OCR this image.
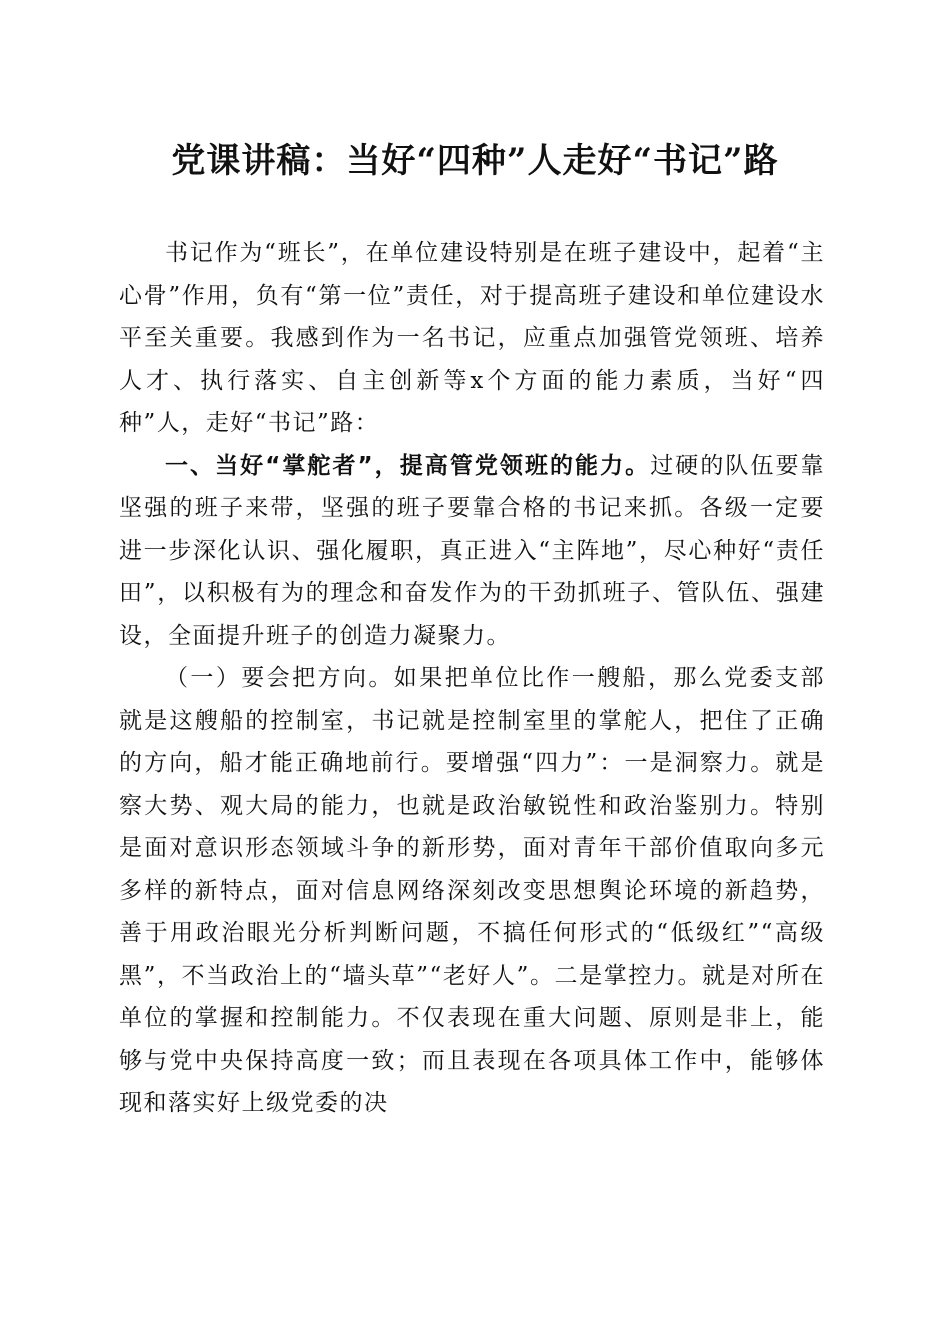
党课讲稿：当好“四种”人走好“书记”路

书记作为“班长”，在单位建设特别是在班子建设中，起着“主心骨”作用，负有“第一位”责任，对于提高班子建设和单位建设水平至关重要。我感到作为一名书记，应重点加强管党领班、培养人才、执行落实、自主创新等x个方面的能力素质，当好“四种”人，走好“书记”路：

一、当好“掌舵者”，提高管党领班的能力。过硬的队伍要靠坚强的班子来带，坚强的班子要靠合格的书记来抓。各级一定要进一步深化认识、强化履职，真正进入“主阵地”，尽心种好“责任田”，以积极有为的理念和奋发作为的干劲抓班子、管队伍、强建设，全面提升班子的创造力凝聚力。

（一）要会把方向。如果把单位比作一艘船，那么党委支部就是这艘船的控制室，书记就是控制室里的掌舵人，把住了正确的方向，船才能正确地前行。要增强“四力”：一是洞察力。就是察大势、观大局的能力，也就是政治敏锐性和政治鉴别力。特别是面对意识形态领域斗争的新形势，面对青年干部价值取向多元多样的新特点，面对信息网络深刻改变思想舆论环境的新趋势，善于用政治眼光分析判断问题，不搞任何形式的“低级红”“高级黑”，不当政治上的“墙头草”“老好人”。二是掌控力。就是对所在单位的掌握和控制能力。不仅表现在重大问题、原则是非上，能够与党中央保持高度一致；而且表现在各项具体工作中，能够体现和落实好上级党委的决
